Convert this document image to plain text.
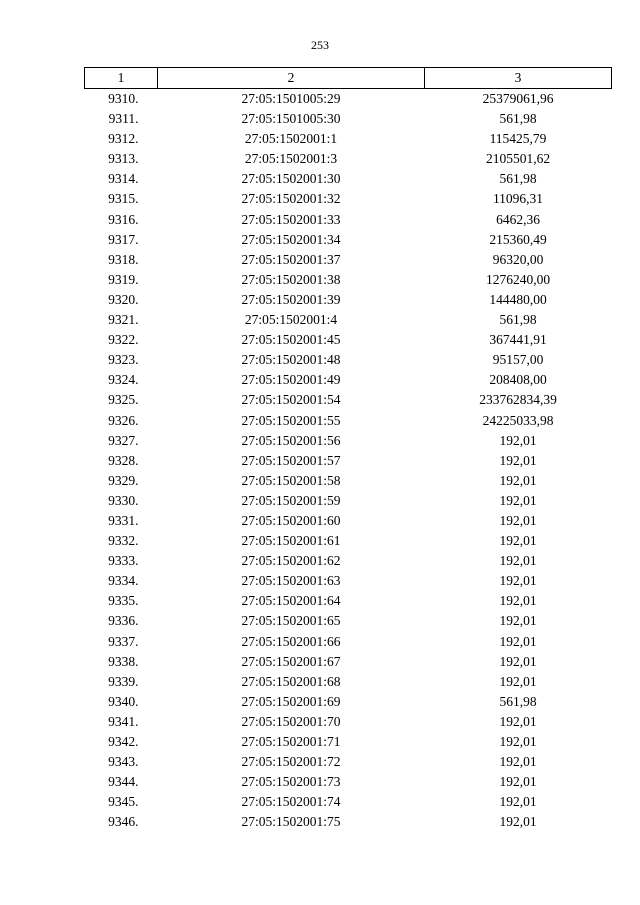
253
1	2	3
9310.	27:05:1501005:29	25379061,96
9311.	27:05:1501005:30	561,98
9312.	27:05:1502001:1	115425,79
9313.	27:05:1502001:3	2105501,62
9314.	27:05:1502001:30	561,98
9315.	27:05:1502001:32	11096,31
9316.	27:05:1502001:33	6462,36
9317.	27:05:1502001:34	215360,49
9318.	27:05:1502001:37	96320,00
9319.	27:05:1502001:38	1276240,00
9320.	27:05:1502001:39	144480,00
9321.	27:05:1502001:4	561,98
9322.	27:05:1502001:45	367441,91
9323.	27:05:1502001:48	95157,00
9324.	27:05:1502001:49	208408,00
9325.	27:05:1502001:54	233762834,39
9326.	27:05:1502001:55	24225033,98
9327.	27:05:1502001:56	192,01
9328.	27:05:1502001:57	192,01
9329.	27:05:1502001:58	192,01
9330.	27:05:1502001:59	192,01
9331.	27:05:1502001:60	192,01
9332.	27:05:1502001:61	192,01
9333.	27:05:1502001:62	192,01
9334.	27:05:1502001:63	192,01
9335.	27:05:1502001:64	192,01
9336.	27:05:1502001:65	192,01
9337.	27:05:1502001:66	192,01
9338.	27:05:1502001:67	192,01
9339.	27:05:1502001:68	192,01
9340.	27:05:1502001:69	561,98
9341.	27:05:1502001:70	192,01
9342.	27:05:1502001:71	192,01
9343.	27:05:1502001:72	192,01
9344.	27:05:1502001:73	192,01
9345.	27:05:1502001:74	192,01
9346.	27:05:1502001:75	192,01
